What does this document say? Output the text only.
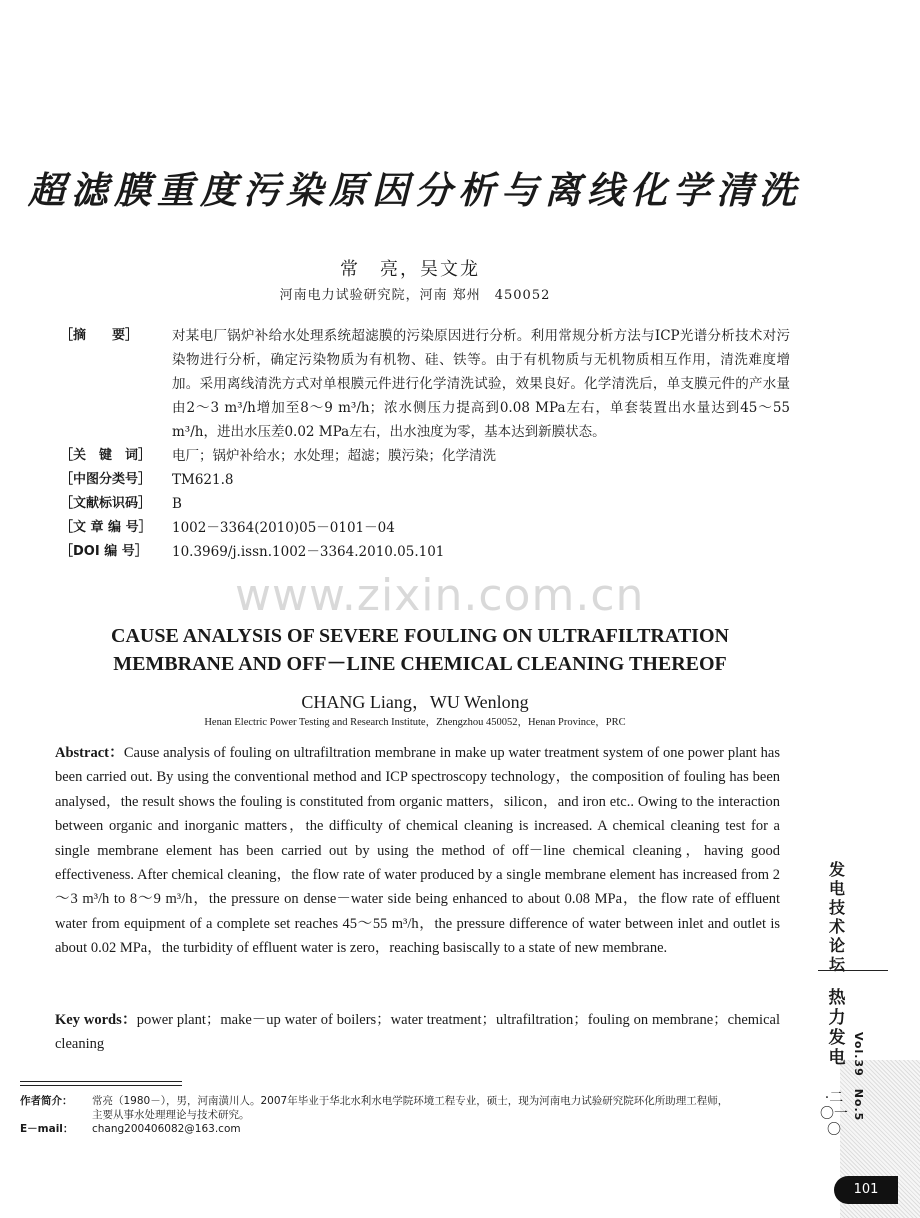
超滤膜重度污染原因分析与离线化学清洗
常　亮，吴文龙
河南电力试验研究院，河南 郑州　450052
［摘　　要］	对某电厂锅炉补给水处理系统超滤膜的污染原因进行分析。利用常规分析方法与ICP光谱分析技术对污染物进行分析，确定污染物质为有机物、硅、铁等。由于有机物质与无机物质相互作用，清洗难度增加。采用离线清洗方式对单根膜元件进行化学清洗试验，效果良好。化学清洗后，单支膜元件的产水量由2～3 m³/h增加至8～9 m³/h；浓水侧压力提高到0.08 MPa左右，单套装置出水量达到45～55 m³/h，进出水压差0.02 MPa左右，出水浊度为零，基本达到新膜状态。
［关　键　词］	电厂；锅炉补给水；水处理；超滤；膜污染；化学清洗
［中图分类号］	TM621.8
［文献标识码］	B
［文 章 编 号］	1002－3364(2010)05－0101－04
［DOI 编 号］	10.3969/j.issn.1002－3364.2010.05.101
www.zixin.com.cn
CAUSE ANALYSIS OF SEVERE FOULING ON ULTRAFILTRATION
MEMBRANE AND OFF－LINE CHEMICAL CLEANING THEREOF
CHANG Liang，WU Wenlong
Henan Electric Power Testing and Research Institute，Zhengzhou 450052，Henan Province，PRC
Abstract：Cause analysis of fouling on ultrafiltration membrane in make up water treatment system of one power plant has been carried out. By using the conventional method and ICP spectroscopy technology，the composition of fouling has been analysed，the result shows the fouling is constituted from organic matters，silicon，and iron etc.. Owing to the interaction between organic and inorganic matters，the difficulty of chemical cleaning is increased. A chemical cleaning test for a single membrane element has been carried out by using the method of off－line chemical cleaning，having good effectiveness. After chemical cleaning，the flow rate of water produced by a single membrane element has increased from 2～3 m³/h to 8～9 m³/h，the pressure on dense－water side being enhanced to about 0.08 MPa，the flow rate of effluent water from equipment of a complete set reaches 45～55 m³/h，the pressure difference of water between inlet and outlet is about 0.02 MPa，the turbidity of effluent water is zero，reaching basiscally to a state of new membrane.
Key words：power plant；make－up water of boilers；water treatment；ultrafiltration；fouling on membrane；chemical cleaning
作者简介： 常亮（1980－），男，河南潢川人。2007年毕业于华北水利水电学院环境工程专业，硕士，现为河南电力试验研究院环化所助理工程师，
主要从事水处理理论与技术研究。
E－mail： chang200406082@163.com
发电技术论坛
热力发电 Vol.39　No.5
·二〇一〇
101
